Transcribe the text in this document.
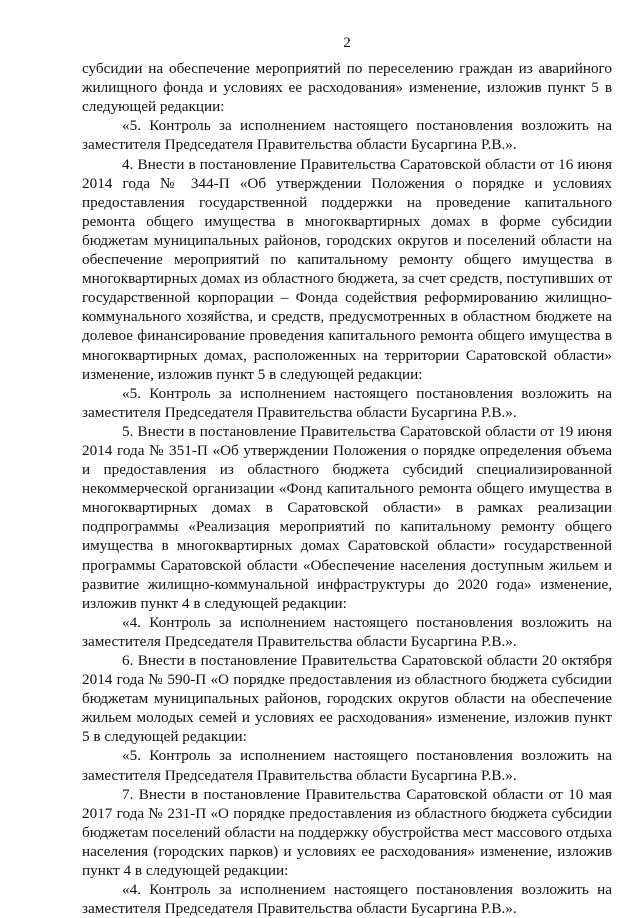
2

субсидии на обеспечение мероприятий по переселению граждан из аварийного жилищного фонда и условиях ее расходования» изменение, изложив пункт 5 в следующей редакции:

«5. Контроль за исполнением настоящего постановления возложить на заместителя Председателя Правительства области Бусаргина Р.В.».

4. Внести в постановление Правительства Саратовской области от 16 июня 2014 года № 344-П «Об утверждении Положения о порядке и условиях предоставления государственной поддержки на проведение капитального ремонта общего имущества в многоквартирных домах в форме субсидии бюджетам муниципальных районов, городских округов и поселений области на обеспечение мероприятий по капитальному ремонту общего имущества в многоквартирных домах из областного бюджета, за счет средств, поступивших от государственной корпорации – Фонда содействия реформированию жилищно-коммунального хозяйства, и средств, предусмотренных в областном бюджете на долевое финансирование проведения капитального ремонта общего имущества в многоквартирных домах, расположенных на территории Саратовской области» изменение, изложив пункт 5 в следующей редакции:

«5. Контроль за исполнением настоящего постановления возложить на заместителя Председателя Правительства области Бусаргина Р.В.».

5. Внести в постановление Правительства Саратовской области от 19 июня 2014 года № 351-П «Об утверждении Положения о порядке определения объема и предоставления из областного бюджета субсидий специализированной некоммерческой организации «Фонд капитального ремонта общего имущества в многоквартирных домах в Саратовской области» в рамках реализации подпрограммы «Реализация мероприятий по капитальному ремонту общего имущества в многоквартирных домах Саратовской области» государственной программы Саратовской области «Обеспечение населения доступным жильем и развитие жилищно-коммунальной инфраструктуры до 2020 года» изменение, изложив пункт 4 в следующей редакции:

«4. Контроль за исполнением настоящего постановления возложить на заместителя Председателя Правительства области Бусаргина Р.В.».

6. Внести в постановление Правительства Саратовской области 20 октября 2014 года № 590-П «О порядке предоставления из областного бюджета субсидии бюджетам муниципальных районов, городских округов области на обеспечение жильем молодых семей и условиях ее расходования» изменение, изложив пункт 5 в следующей редакции:

«5. Контроль за исполнением настоящего постановления возложить на заместителя Председателя Правительства области Бусаргина Р.В.».

7. Внести в постановление Правительства Саратовской области от 10 мая 2017 года № 231-П «О порядке предоставления из областного бюджета субсидии бюджетам поселений области на поддержку обустройства мест массового отдыха населения (городских парков) и условиях ее расходования» изменение, изложив пункт 4 в следующей редакции:

«4. Контроль за исполнением настоящего постановления возложить на заместителя Председателя Правительства области Бусаргина Р.В.».
